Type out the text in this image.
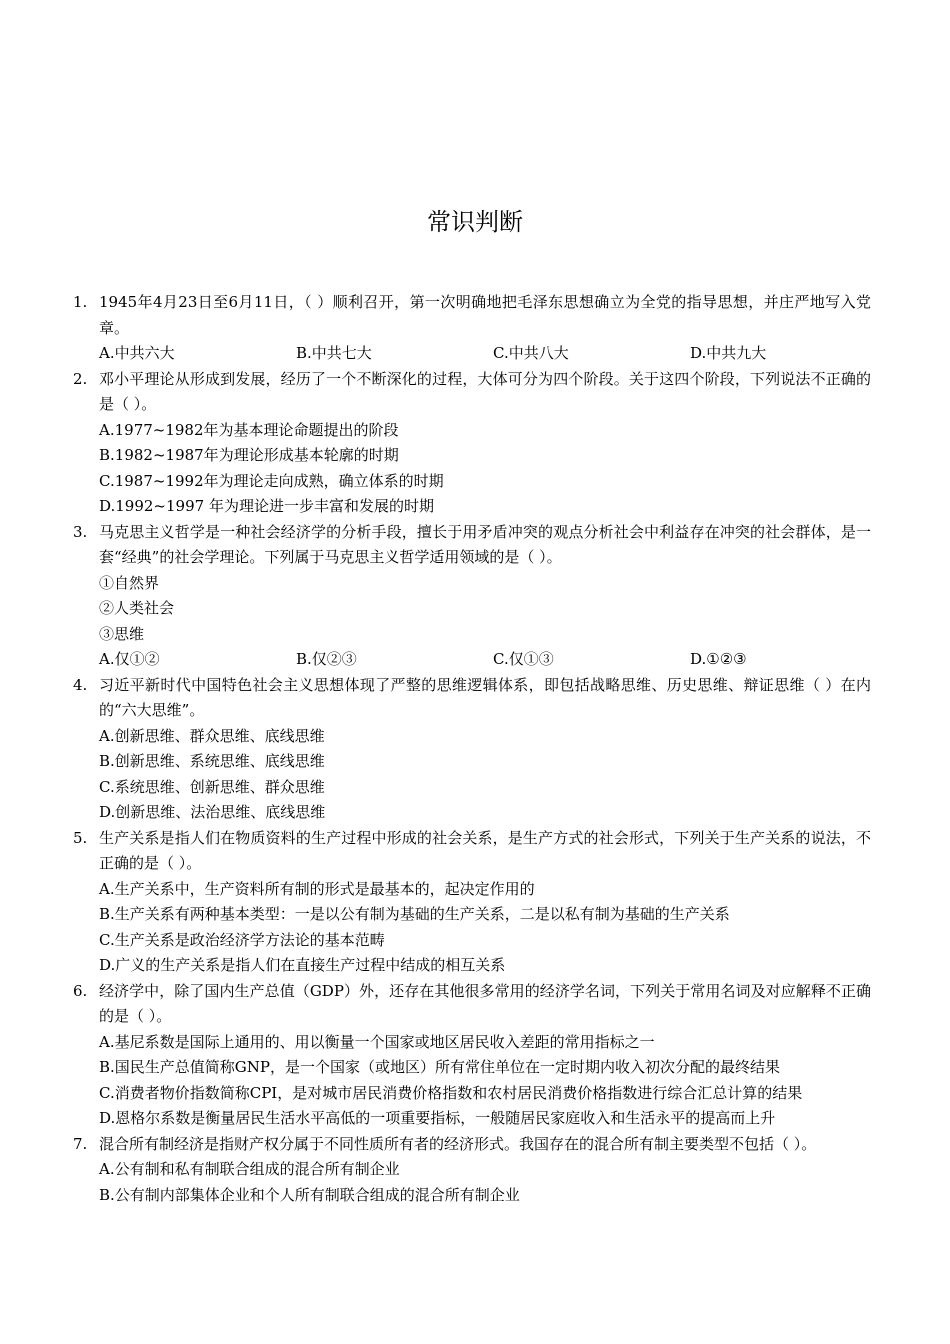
常识判断
1. 1945年4月23日至6月11日，（ ）顺利召开，第一次明确地把毛泽东思想确立为全党的指导思想，并庄严地写入党章。
A.中共六大	B.中共七大	C.中共八大	D.中共九大
2. 邓小平理论从形成到发展，经历了一个不断深化的过程，大体可分为四个阶段。关于这四个阶段，下列说法不正确的是（ ）。
A.1977~1982年为基本理论命题提出的阶段
B.1982~1987年为理论形成基本轮廓的时期
C.1987~1992年为理论走向成熟，确立体系的时期
D.1992~1997 年为理论进一步丰富和发展的时期
3. 马克思主义哲学是一种社会经济学的分析手段，擅长于用矛盾冲突的观点分析社会中利益存在冲突的社会群体，是一套“经典”的社会学理论。下列属于马克思主义哲学适用领域的是（ ）。
①自然界
②人类社会
③思维
A.仅①②	B.仅②③	C.仅①③	D.①②③
4. 习近平新时代中国特色社会主义思想体现了严整的思维逻辑体系，即包括战略思维、历史思维、辩证思维（ ）在内的“六大思维”。
A.创新思维、群众思维、底线思维
B.创新思维、系统思维、底线思维
C.系统思维、创新思维、群众思维
D.创新思维、法治思维、底线思维
5. 生产关系是指人们在物质资料的生产过程中形成的社会关系，是生产方式的社会形式，下列关于生产关系的说法，不正确的是（ ）。
A.生产关系中，生产资料所有制的形式是最基本的，起决定作用的
B.生产关系有两种基本类型：一是以公有制为基础的生产关系，二是以私有制为基础的生产关系
C.生产关系是政治经济学方法论的基本范畴
D.广义的生产关系是指人们在直接生产过程中结成的相互关系
6. 经济学中，除了国内生产总值（GDP）外，还存在其他很多常用的经济学名词，下列关于常用名词及对应解释不正确的是（ ）。
A.基尼系数是国际上通用的、用以衡量一个国家或地区居民收入差距的常用指标之一
B.国民生产总值简称GNP，是一个国家（或地区）所有常住单位在一定时期内收入初次分配的最终结果
C.消费者物价指数简称CPI，是对城市居民消费价格指数和农村居民消费价格指数进行综合汇总计算的结果
D.恩格尔系数是衡量居民生活水平高低的一项重要指标，一般随居民家庭收入和生活永平的提高而上升
7. 混合所有制经济是指财产权分属于不同性质所有者的经济形式。我国存在的混合所有制主要类型不包括（ ）。
A.公有制和私有制联合组成的混合所有制企业
B.公有制内部集体企业和个人所有制联合组成的混合所有制企业
